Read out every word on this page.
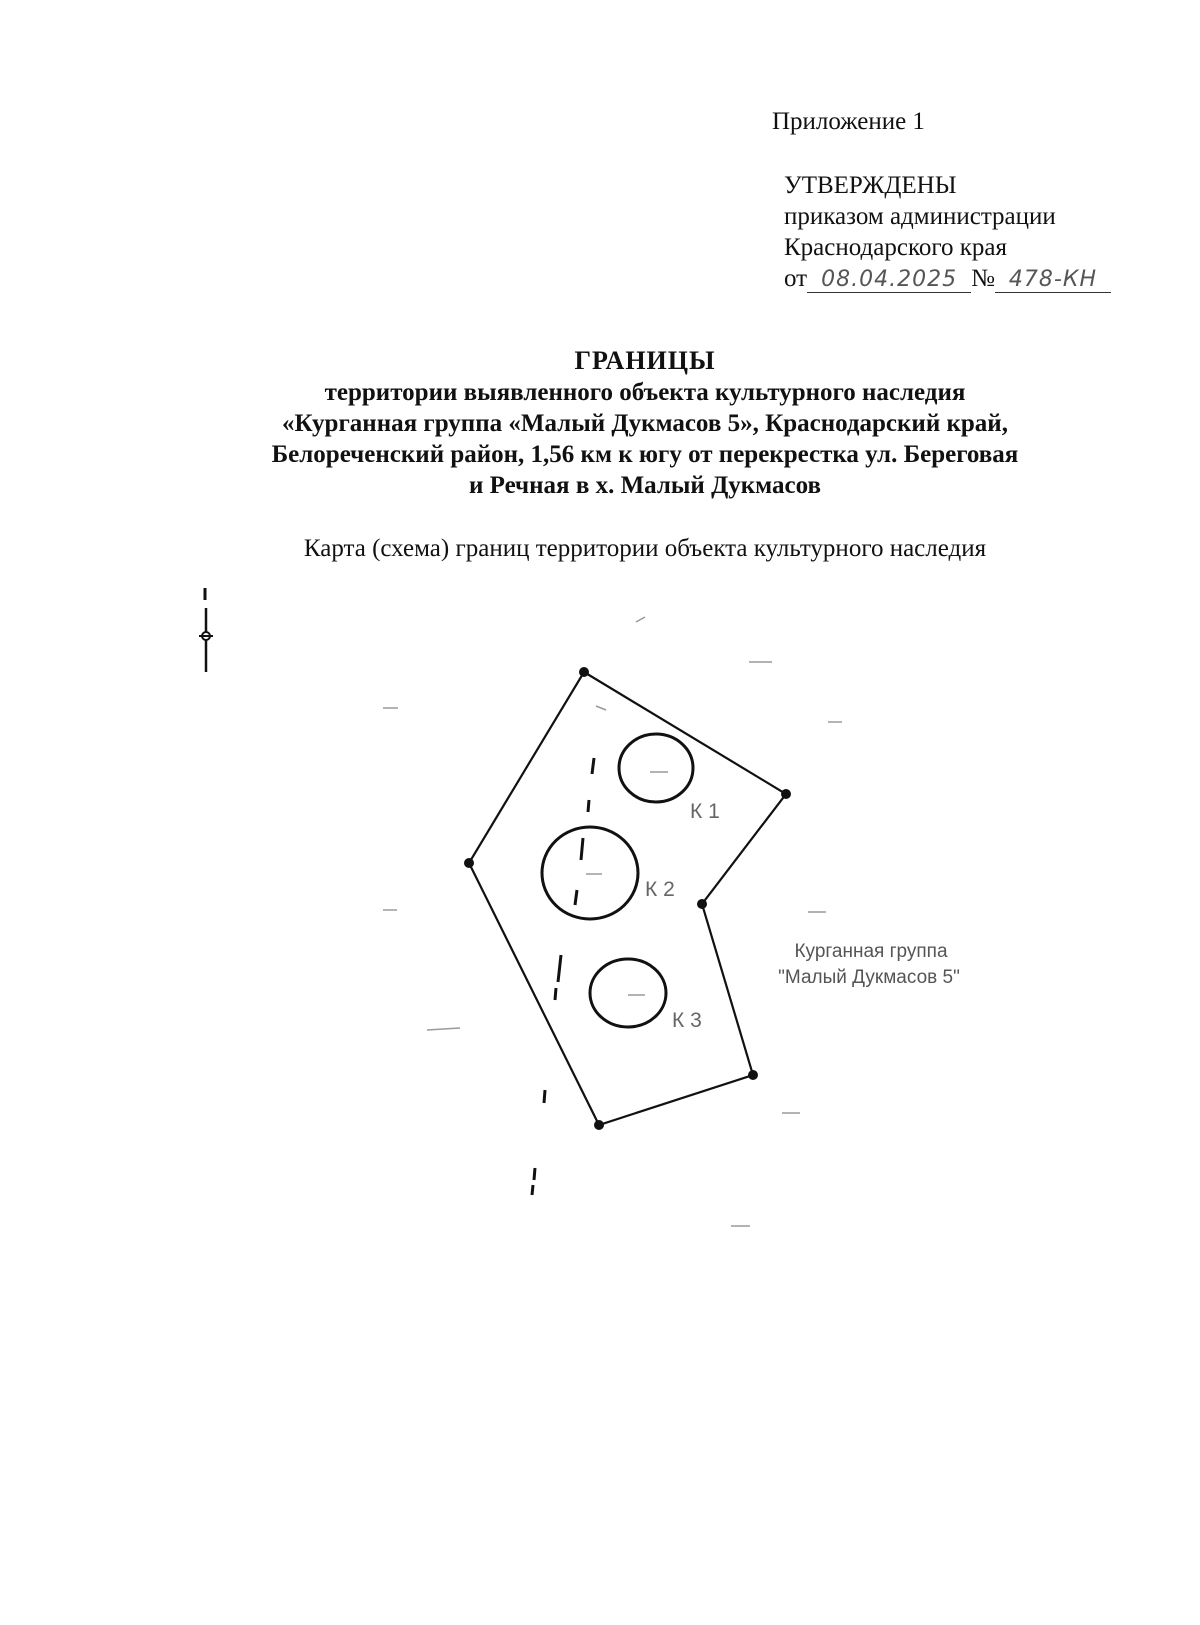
Приложение 1
УТВЕРЖДЕНЫ
приказом администрации
Краснодарского края
от 08.04.2025 № 478-КН
ГРАНИЦЫ
территории выявленного объекта культурного наследия
«Курганная группа «Малый Дукмасов 5», Краснодарский край,
Белореченский район, 1,56 км к югу от перекрестка ул. Береговая
и Речная в х. Малый Дукмасов
Карта (схема) границ территории объекта культурного наследия
К 1
К 2
К 3
Курганная группа
"Малый Дукмасов 5"
